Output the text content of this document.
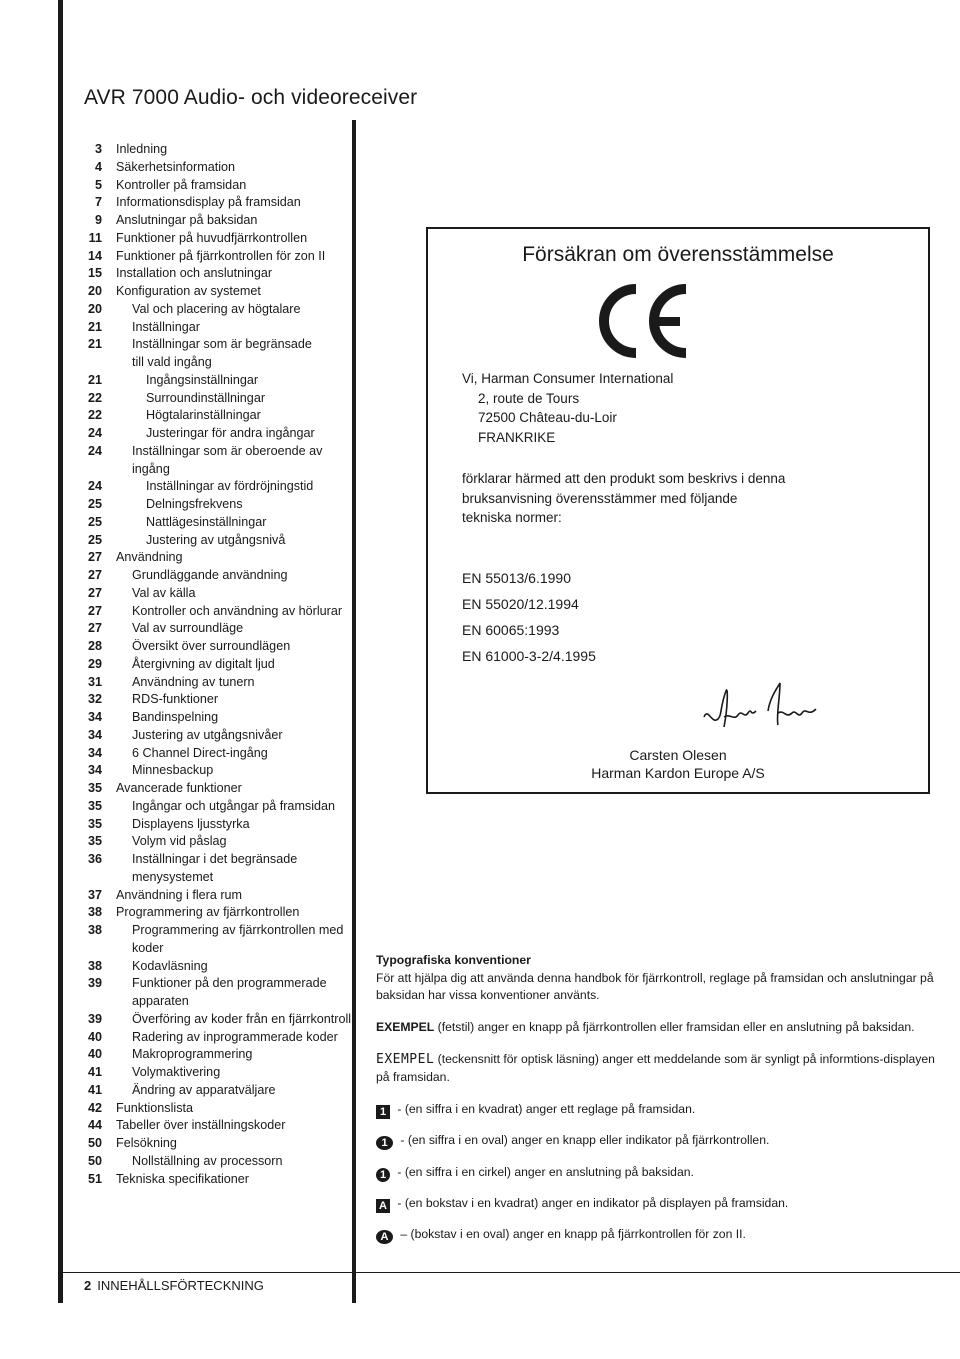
AVR 7000 Audio- och videoreceiver
3	Inledning
4	Säkerhetsinformation
5	Kontroller på framsidan
7	Informationsdisplay på framsidan
9	Anslutningar på baksidan
11	Funktioner på huvudfjärrkontrollen
14	Funktioner på fjärrkontrollen för zon II
15	Installation och anslutningar
20	Konfiguration av systemet
20	Val och placering av högtalare
21	Inställningar
21	Inställningar som är begränsade
till vald ingång
21	Ingångsinställningar
22	Surroundinställningar
22	Högtalarinställningar
24	Justeringar för andra ingångar
24	Inställningar som är oberoende av
ingång
24	Inställningar av fördröjningstid
25	Delningsfrekvens
25	Nattlägesinställningar
25	Justering av utgångsnivå
27	Användning
27	Grundläggande användning
27	Val av källa
27	Kontroller och användning av hörlurar
27	Val av surroundläge
28	Översikt över surroundlägen
29	Återgivning av digitalt ljud
31	Användning av tunern
32	RDS-funktioner
34	Bandinspelning
34	Justering av utgångsnivåer
34	6 Channel Direct-ingång
34	Minnesbackup
35	Avancerade funktioner
35	Ingångar och utgångar på framsidan
35	Displayens ljusstyrka
35	Volym vid påslag
36	Inställningar i det begränsade
menysystemet
37	Användning i flera rum
38	Programmering av fjärrkontrollen
38	Programmering av fjärrkontrollen med
koder
38	Kodavläsning
39	Funktioner på den programmerade
apparaten
39	Överföring av koder från en fjärrkontroll
40	Radering av inprogrammerade koder
40	Makroprogrammering
41	Volymaktivering
41	Ändring av apparatväljare
42	Funktionslista
44	Tabeller över inställningskoder
50	Felsökning
50	Nollställning av processorn
51	Tekniska specifikationer
Försäkran om överensstämmelse
Vi, Harman Consumer International
2, route de Tours
72500 Château-du-Loir
FRANKRIKE
förklarar härmed att den produkt som beskrivs i denna
bruksanvisning överensstämmer med följande
tekniska normer:
EN 55013/6.1990
EN 55020/12.1994
EN 60065:1993
EN 61000-3-2/4.1995
Carsten Olesen
Harman Kardon Europe A/S
Typografiska konventioner

För att hjälpa dig att använda denna handbok för fjärrkontroll, reglage på framsidan och anslutningar på baksidan har vissa konventioner använts.

EXEMPEL (fetstil) anger en knapp på fjärrkontrollen eller framsidan eller en anslutning på baksidan.

EXEMPEL (teckensnitt för optisk läsning) anger ett meddelande som är synligt på informtions-displayen på framsidan.

1 - (en siffra i en kvadrat) anger ett reglage på framsidan.

1 - (en siffra i en oval) anger en knapp eller indikator på fjärrkontrollen.

1 - (en siffra i en cirkel) anger en anslutning på baksidan.

A - (en bokstav i en kvadrat) anger en indikator på displayen på framsidan.

A – (bokstav i en oval) anger en knapp på fjärrkontrollen för zon II.

2 INNEHÅLLSFÖRTECKNING
